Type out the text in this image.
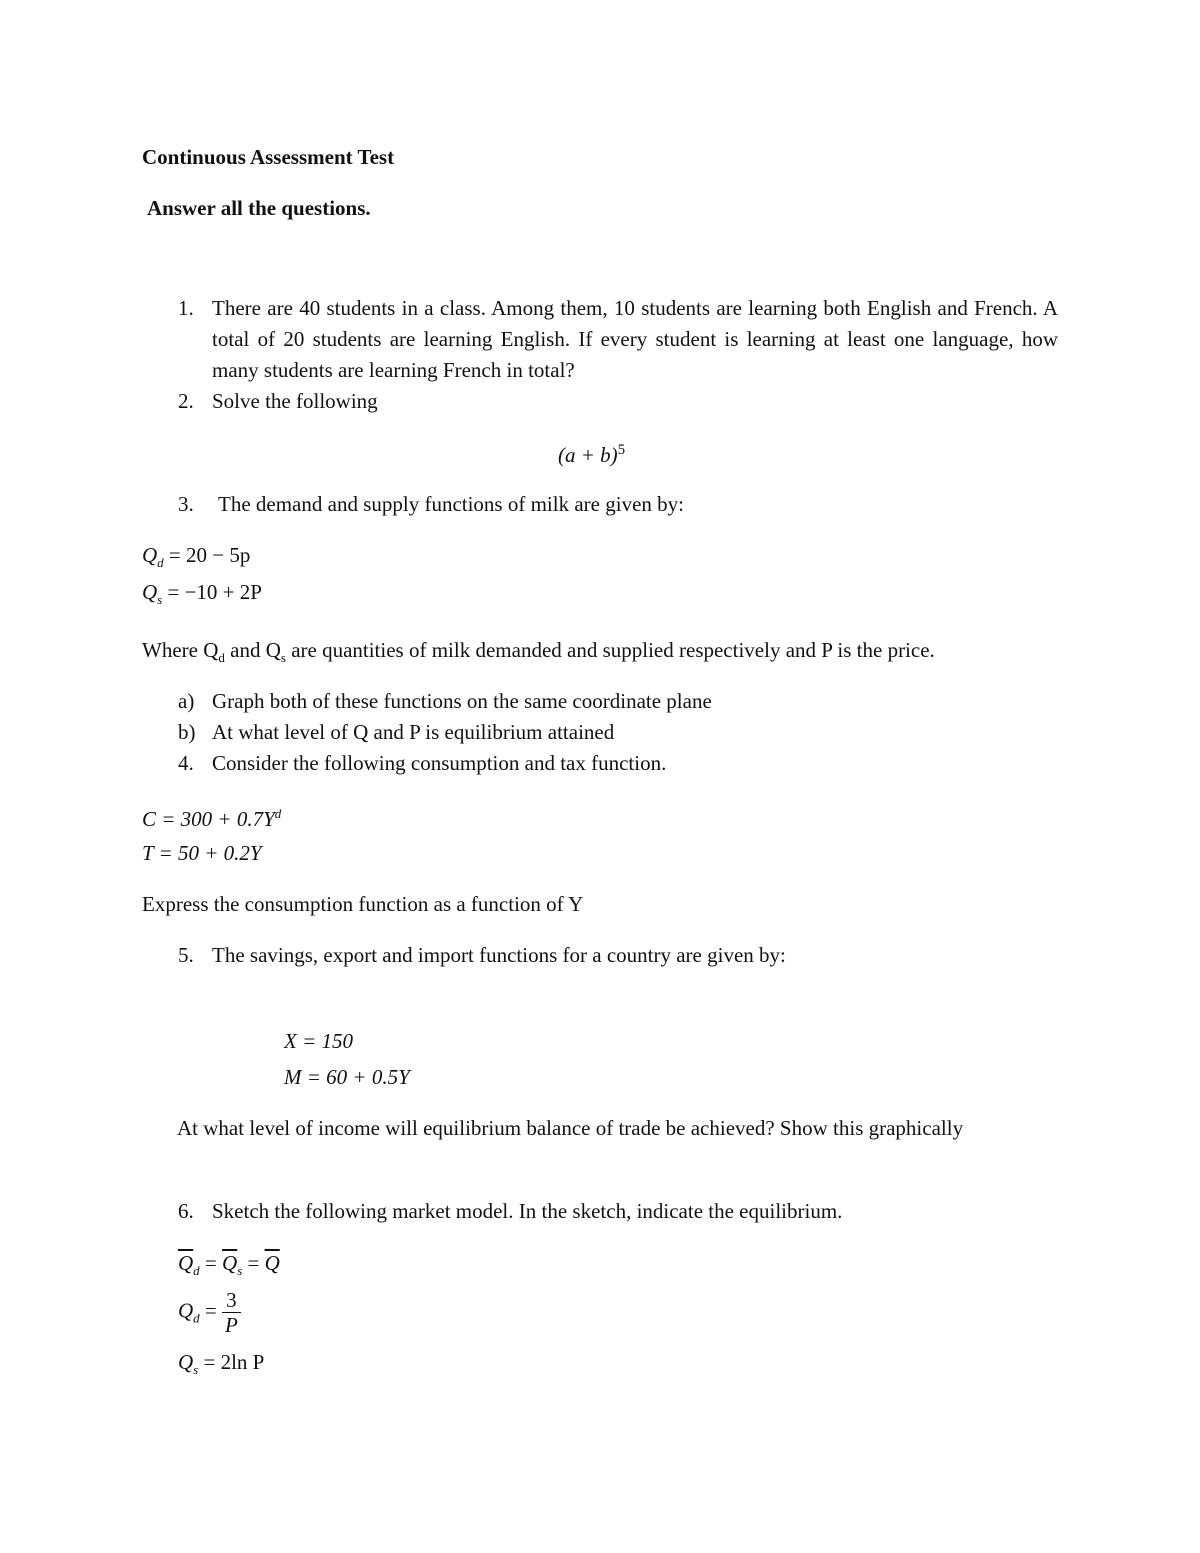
Continuous Assessment Test
Answer all the questions.
1. There are 40 students in a class. Among them, 10 students are learning both English and French. A total of 20 students are learning English. If every student is learning at least one language, how many students are learning French in total?
2. Solve the following
$(a + b)^5$
3. The demand and supply functions of milk are given by:
$Q_d = 20 - 5p$
$Q_s = -10 + 2P$
Where $Q_d$ and $Q_s$ are quantities of milk demanded and supplied respectively and P is the price.
a) Graph both of these functions on the same coordinate plane
b) At what level of Q and P is equilibrium attained
4. Consider the following consumption and tax function.
$C = 300 + 0.7Y^d$
T = 50 + 0.2Y
Express the consumption function as a function of Y
5. The savings, export and import functions for a country are given by:
X = 150
M = 60 + 0.5Y
At what level of income will equilibrium balance of trade be achieved? Show this graphically
6. Sketch the following market model. In the sketch, indicate the equilibrium.
$\overline{Q}_d = \overline{Q}_s = \overline{Q}$
$Q_d = \frac{3}{P}$
$Q_s = 2\ln$ P
